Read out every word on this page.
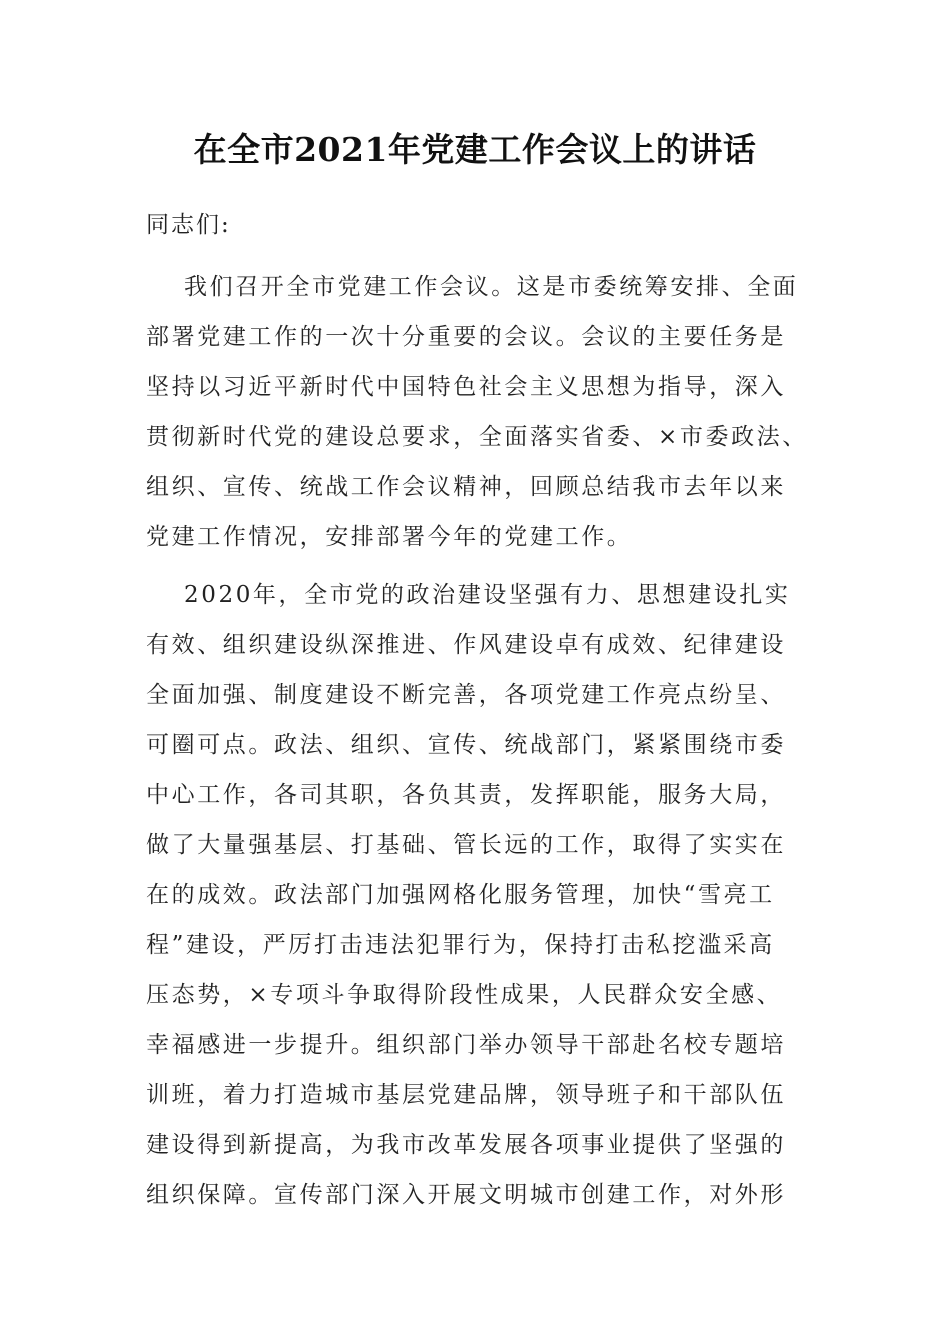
在全市2021年党建工作会议上的讲话
同志们:
我们召开全市党建工作会议。这是市委统筹安排、全面
部署党建工作的一次十分重要的会议。会议的主要任务是
坚持以习近平新时代中国特色社会主义思想为指导，深入
贯彻新时代党的建设总要求，全面落实省委、×市委政法、
组织、宣传、统战工作会议精神，回顾总结我市去年以来
党建工作情况，安排部署今年的党建工作。
2020年，全市党的政治建设坚强有力、思想建设扎实
有效、组织建设纵深推进、作风建设卓有成效、纪律建设
全面加强、制度建设不断完善，各项党建工作亮点纷呈、
可圈可点。政法、组织、宣传、统战部门，紧紧围绕市委
中心工作，各司其职，各负其责，发挥职能，服务大局，
做了大量强基层、打基础、管长远的工作，取得了实实在
在的成效。政法部门加强网格化服务管理，加快“雪亮工
程”建设，严厉打击违法犯罪行为，保持打击私挖滥采高
压态势，×专项斗争取得阶段性成果，人民群众安全感、
幸福感进一步提升。组织部门举办领导干部赴名校专题培
训班，着力打造城市基层党建品牌，领导班子和干部队伍
建设得到新提高，为我市改革发展各项事业提供了坚强的
组织保障。宣传部门深入开展文明城市创建工作，对外形
